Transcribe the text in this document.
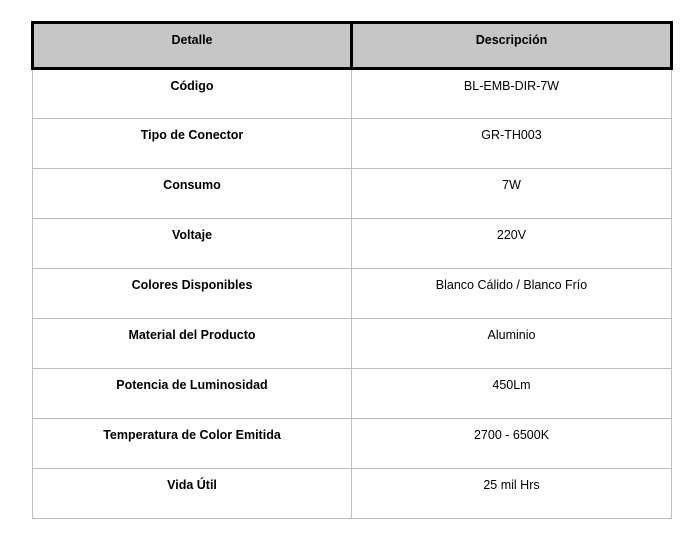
Detalle	Descripción

Código	BL-EMB-DIR-7W

Tipo de Conector	GR-TH003

Consumo	7W

Voltaje	220V

Colores Disponibles	Blanco Cálido / Blanco Frío

Material del Producto	Aluminio

Potencia de Luminosidad	450Lm

Temperatura de Color Emitida	2700 - 6500K

Vida Útil	25 mil Hrs
